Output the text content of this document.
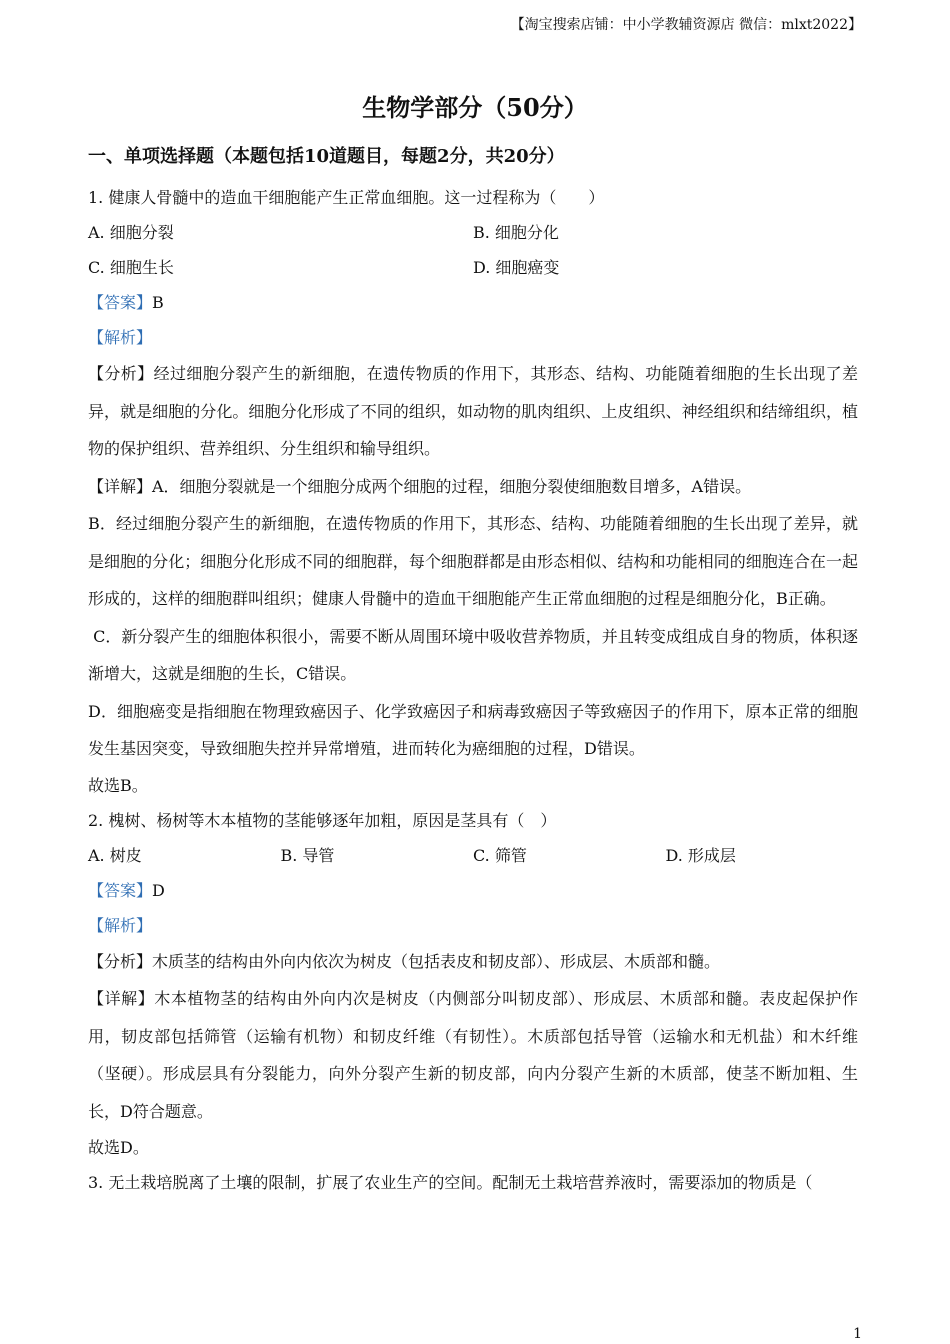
【淘宝搜索店铺：中小学教辅资源店 微信：mlxt2022】
生物学部分（50分）
一、单项选择题（本题包括10道题目，每题2分，共20分）
1. 健康人骨髓中的造血干细胞能产生正常血细胞。这一过程称为（　　）
A. 细胞分裂	B. 细胞分化
C. 细胞生长	D. 细胞癌变
【答案】B
【解析】
【分析】经过细胞分裂产生的新细胞，在遗传物质的作用下，其形态、结构、功能随着细胞的生长出现了差异，就是细胞的分化。细胞分化形成了不同的组织，如动物的肌肉组织、上皮组织、神经组织和结缔组织，植物的保护组织、营养组织、分生组织和输导组织。
【详解】A．细胞分裂就是一个细胞分成两个细胞的过程，细胞分裂使细胞数目增多，A错误。
B．经过细胞分裂产生的新细胞，在遗传物质的作用下，其形态、结构、功能随着细胞的生长出现了差异，就是细胞的分化；细胞分化形成不同的细胞群，每个细胞群都是由形态相似、结构和功能相同的细胞连合在一起形成的，这样的细胞群叫组织；健康人骨髓中的造血干细胞能产生正常血细胞的过程是细胞分化，B正确。
C．新分裂产生的细胞体积很小，需要不断从周围环境中吸收营养物质，并且转变成组成自身的物质，体积逐渐增大，这就是细胞的生长，C错误。
D．细胞癌变是指细胞在物理致癌因子、化学致癌因子和病毒致癌因子等致癌因子的作用下，原本正常的细胞发生基因突变，导致细胞失控并异常增殖，进而转化为癌细胞的过程，D错误。
故选B。
2. 槐树、杨树等木本植物的茎能够逐年加粗，原因是茎具有（　）
A. 树皮	B. 导管	C. 筛管	D. 形成层
【答案】D
【解析】
【分析】木质茎的结构由外向内依次为树皮（包括表皮和韧皮部）、形成层、木质部和髓。
【详解】木本植物茎的结构由外向内次是树皮（内侧部分叫韧皮部）、形成层、木质部和髓。表皮起保护作用，韧皮部包括筛管（运输有机物）和韧皮纤维（有韧性）。木质部包括导管（运输水和无机盐）和木纤维（坚硬）。形成层具有分裂能力，向外分裂产生新的韧皮部，向内分裂产生新的木质部，使茎不断加粗、生长，D符合题意。
故选D。
3. 无土栽培脱离了土壤的限制，扩展了农业生产的空间。配制无土栽培营养液时，需要添加的物质是（
1
